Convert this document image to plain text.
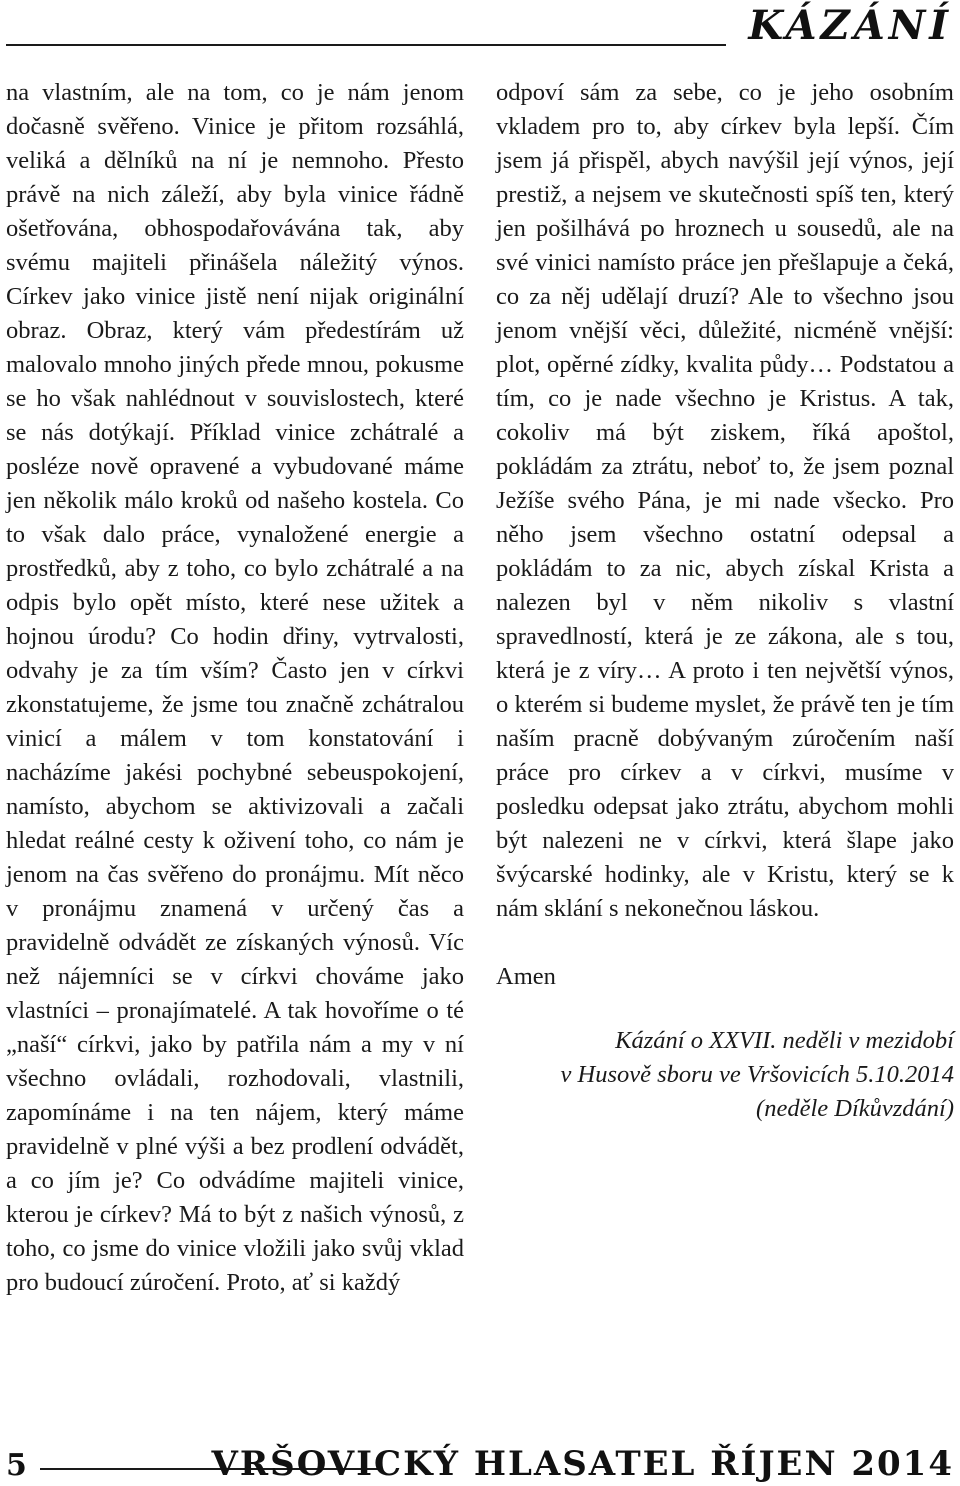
KÁZÁNÍ

na vlastním, ale na tom, co je nám jenom dočasně svěřeno. Vinice je přitom rozsáhlá, veliká a dělníků na ní je nemnoho. Přesto právě na nich záleží, aby byla vinice řádně ošetřována, obhospodařovávána tak, aby svému majiteli přinášela náležitý výnos. Církev jako vinice jistě není nijak originální obraz. Obraz, který vám předestírám už malovalo mnoho jiných přede mnou, pokusme se ho však nahlédnout v souvislostech, které se nás dotýkají. Příklad vinice zchátralé a posléze nově opravené a vybudované máme jen několik málo kroků od našeho kostela. Co to však dalo práce, vynaložené energie a prostředků, aby z toho, co bylo zchátralé a na odpis bylo opět místo, které nese užitek a hojnou úrodu? Co hodin dřiny, vytrvalosti, odvahy je za tím vším? Často jen v církvi zkonstatujeme, že jsme tou značně zchátralou vinicí a málem v tom konstatování i nacházíme jakési pochybné sebeuspokojení, namísto, abychom se aktivizovali a začali hledat reálné cesty k oživení toho, co nám je jenom na čas svěřeno do pronájmu. Mít něco v pronájmu znamená v určený čas a pravidelně odvádět ze získaných výnosů. Víc než nájemníci se v církvi chováme jako vlastníci – pronajímatelé. A tak hovoříme o té „naší“ církvi, jako by patřila nám a my v ní všechno ovládali, rozhodovali, vlastnili, zapomínáme i na ten nájem, který máme pravidelně v plné výši a bez prodlení odvádět, a co jím je? Co odvádíme majiteli vinice, kterou je církev? Má to být z našich výnosů, z toho, co jsme do vinice vložili jako svůj vklad pro budoucí zúročení. Proto, ať si každý

odpoví sám za sebe, co je jeho osobním vkladem pro to, aby církev byla lepší. Čím jsem já přispěl, abych navýšil její výnos, její prestiž, a nejsem ve skutečnosti spíš ten, který jen pošilhává po hroznech u sousedů, ale na své vinici namísto práce jen přešlapuje a čeká, co za něj udělají druzí? Ale to všechno jsou jenom vnější věci, důležité, nicméně vnější: plot, opěrné zídky, kvalita půdy… Podstatou a tím, co je nade všechno je Kristus. A tak, cokoliv má být ziskem, říká apoštol, pokládám za ztrátu, neboť to, že jsem poznal Ježíše svého Pána, je mi nade všecko. Pro něho jsem všechno ostatní odepsal a pokládám to za nic, abych získal Krista a nalezen byl v něm nikoliv s vlastní spravedlností, která je ze zákona, ale s tou, která je z víry… A proto i ten největší výnos, o kterém si budeme myslet, že právě ten je tím naším pracně dobývaným zúročením naší práce pro církev a v církvi, musíme v posledku odepsat jako ztrátu, abychom mohli být nalezeni ne v církvi, která šlape jako švýcarské hodinky, ale v Kristu, který se k nám sklání s nekonečnou láskou.

Amen

Kázání o XXVII. neděli v mezidobí
v Husově sboru ve Vršovicích 5.10.2014
(neděle Díkůvzdání)

5	VRŠOVICKÝ HLASATEL ŘÍJEN 2014
